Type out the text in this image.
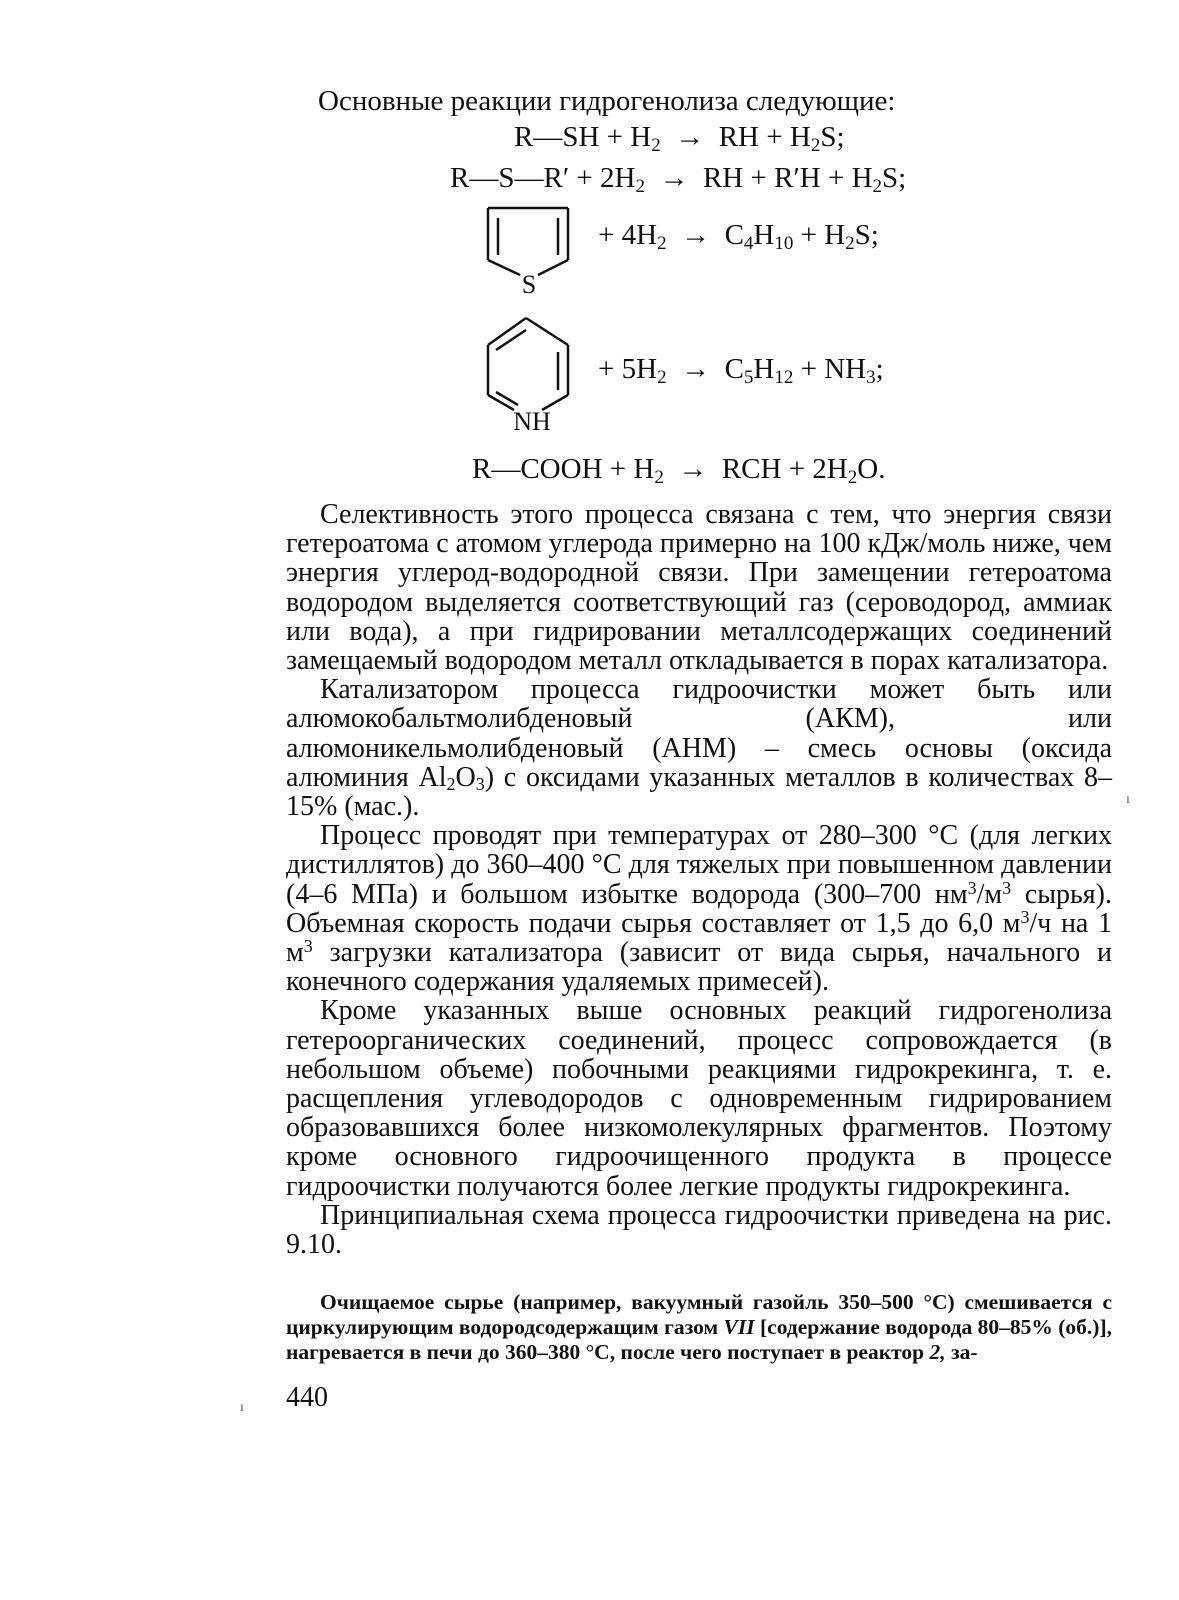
Основные реакции гидрогенолиза следующие:
R—SH + $H_2$ → RH + $H_2S$;
R—S—R′ + $2H_2$ → RH + $R'H + H_2S$;
S
+ $4H_2 \to C_4H_{10} + H_2S$;
NH
+ $5H_2 \to C_5H_{12} + NH_3$;
R—COOH + $H_2$ → RCH + $2H_2O$.

Селективность этого процесса связана с тем, что энергия связи гетероатома с атомом углерода примерно на 100 кДж/моль ниже, чем энергия углерод-водородной связи. При замещении гетероатома водородом выделяется соответствующий газ (сероводород, аммиак или вода), а при гидрировании металлсодержащих соединений замещаемый водородом металл откладывается в порах катализатора.

Катализатором процесса гидроочистки может быть или алюмокобальтмолибденовый (АКМ), или алюмоникельмолибденовый (АНМ) – смесь основы (оксида алюминия $Al_2O_3$) с оксидами указанных металлов в количествах 8–15% (мас.).

Процесс проводят при температурах от 280–300 °С (для легких дистиллятов) до 360–400 °С для тяжелых при повышенном давлении (4–6 МПа) и большом избытке водорода (300–700 $нм^3/м^3$ сырья). Объемная скорость подачи сырья составляет от 1,5 до 6,0 $м^3/ч$ на 1 $м^3$ загрузки катализатора (зависит от вида сырья, начального и конечного содержания удаляемых примесей).

Кроме указанных выше основных реакций гидрогенолиза гетероорганических соединений, процесс сопровождается (в небольшом объеме) побочными реакциями гидрокрекинга, т. е. расщепления углеводородов с одновременным гидрированием образовавшихся более низкомолекулярных фрагментов. Поэтому кроме основного гидроочищенного продукта в процессе гидроочистки получаются более легкие продукты гидрокрекинга.

Принципиальная схема процесса гидроочистки приведена на рис. 9.10.

Очищаемое сырье (например, вакуумный газойль 350–500 °С) смешивается с циркулирующим водородсодержащим газом VII [содержание водорода 80–85% (об.)], нагревается в печи до 360–380 °С, после чего поступает в реактор 2, за-

440
ı
ı
